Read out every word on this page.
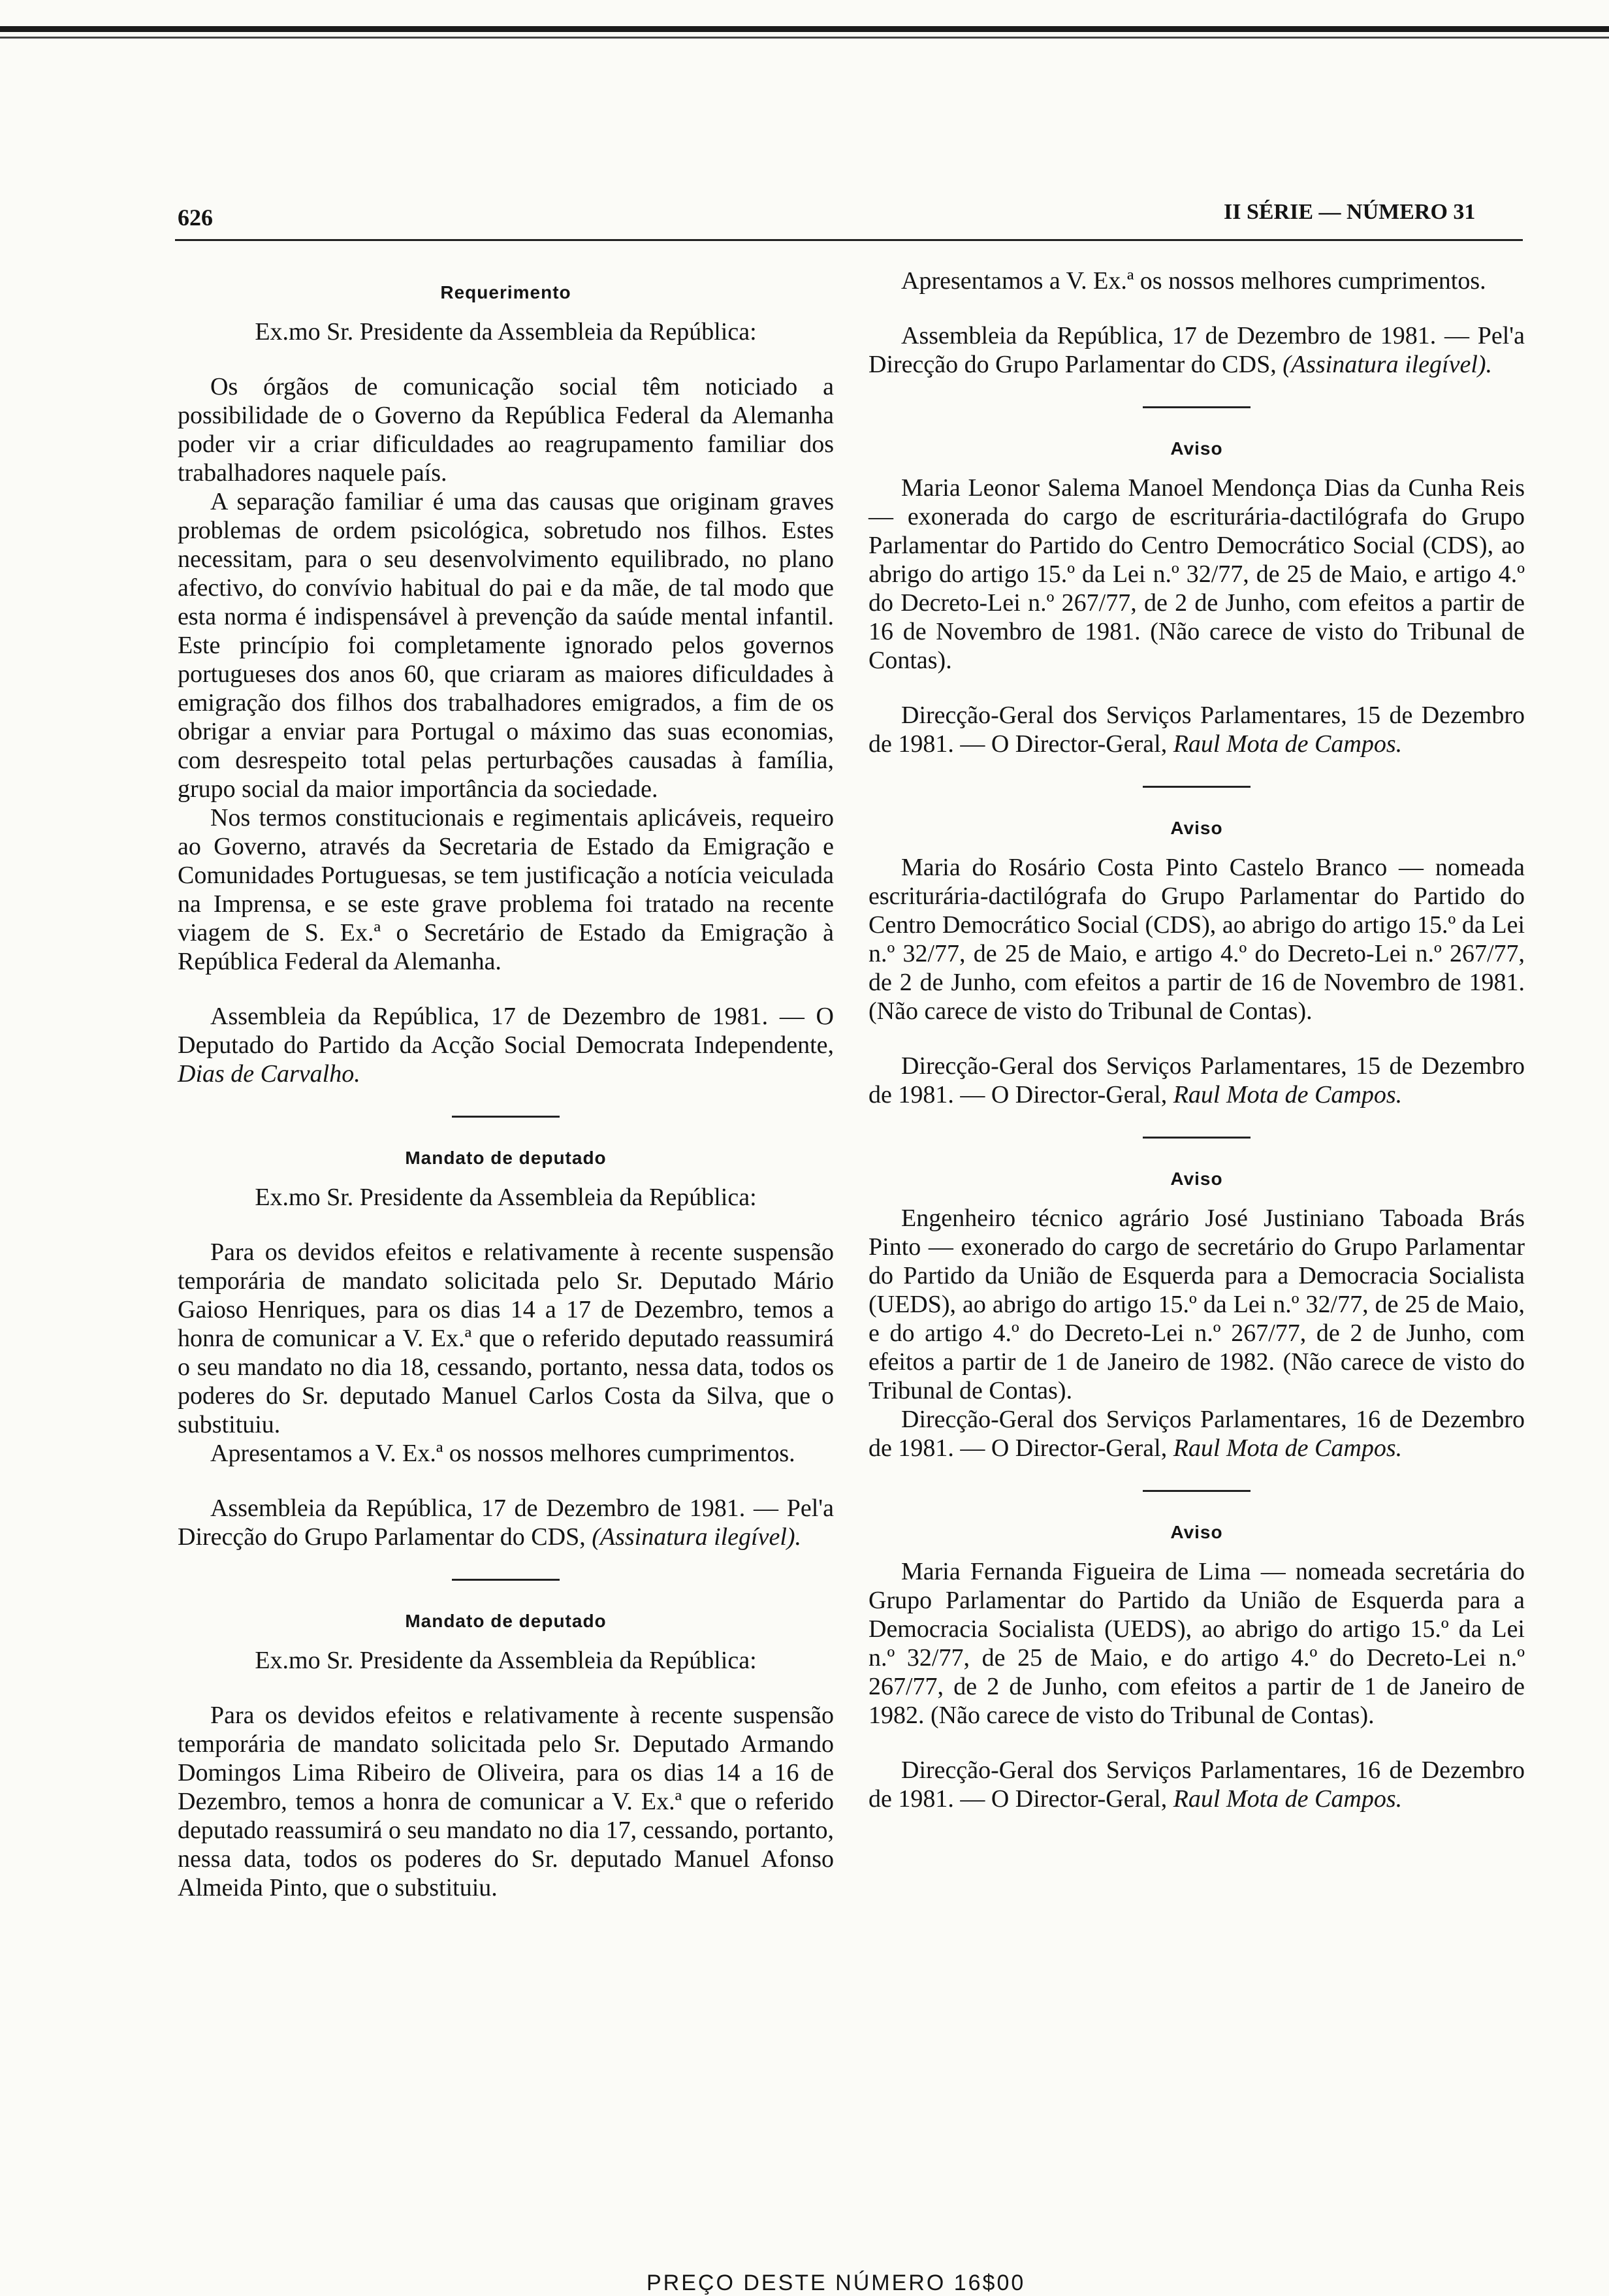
626	II SÉRIE — NÚMERO 31
Requerimento
Ex.mo Sr. Presidente da Assembleia da República:

Os órgãos de comunicação social têm noticiado a possibilidade de o Governo da República Federal da Alemanha poder vir a criar dificuldades ao reagrupamento familiar dos trabalhadores naquele país.

A separação familiar é uma das causas que originam graves problemas de ordem psicológica, sobretudo nos filhos. Estes necessitam, para o seu desenvolvimento equilibrado, no plano afectivo, do convívio habitual do pai e da mãe, de tal modo que esta norma é indispensável à prevenção da saúde mental infantil. Este princípio foi completamente ignorado pelos governos portugueses dos anos 60, que criaram as maiores dificuldades à emigração dos filhos dos trabalhadores emigrados, a fim de os obrigar a enviar para Portugal o máximo das suas economias, com desrespeito total pelas perturbações causadas à família, grupo social da maior importância da sociedade.

Nos termos constitucionais e regimentais aplicáveis, requeiro ao Governo, através da Secretaria de Estado da Emigração e Comunidades Portuguesas, se tem justificação a notícia veiculada na Imprensa, e se este grave problema foi tratado na recente viagem de S. Ex.ª o Secretário de Estado da Emigração à República Federal da Alemanha.

Assembleia da República, 17 de Dezembro de 1981. — O Deputado do Partido da Acção Social Democrata Independente, Dias de Carvalho.

Mandato de deputado
Ex.mo Sr. Presidente da Assembleia da República:

Para os devidos efeitos e relativamente à recente suspensão temporária de mandato solicitada pelo Sr. Deputado Mário Gaioso Henriques, para os dias 14 a 17 de Dezembro, temos a honra de comunicar a V. Ex.ª que o referido deputado reassumirá o seu mandato no dia 18, cessando, portanto, nessa data, todos os poderes do Sr. deputado Manuel Carlos Costa da Silva, que o substituiu.

Apresentamos a V. Ex.ª os nossos melhores cumprimentos.

Assembleia da República, 17 de Dezembro de 1981. — Pel'a Direcção do Grupo Parlamentar do CDS, (Assinatura ilegível).

Mandato de deputado
Ex.mo Sr. Presidente da Assembleia da República:

Para os devidos efeitos e relativamente à recente suspensão temporária de mandato solicitada pelo Sr. Deputado Armando Domingos Lima Ribeiro de Oliveira, para os dias 14 a 16 de Dezembro, temos a honra de comunicar a V. Ex.ª que o referido deputado reassumirá o seu mandato no dia 17, cessando, portanto, nessa data, todos os poderes do Sr. deputado Manuel Afonso Almeida Pinto, que o substituiu.

Apresentamos a V. Ex.ª os nossos melhores cumprimentos.

Assembleia da República, 17 de Dezembro de 1981. — Pel'a Direcção do Grupo Parlamentar do CDS, (Assinatura ilegível).

Aviso

Maria Leonor Salema Manoel Mendonça Dias da Cunha Reis — exonerada do cargo de escriturária-dactilógrafa do Grupo Parlamentar do Partido do Centro Democrático Social (CDS), ao abrigo do artigo 15.º da Lei n.º 32/77, de 25 de Maio, e artigo 4.º do Decreto-Lei n.º 267/77, de 2 de Junho, com efeitos a partir de 16 de Novembro de 1981. (Não carece de visto do Tribunal de Contas).

Direcção-Geral dos Serviços Parlamentares, 15 de Dezembro de 1981. — O Director-Geral, Raul Mota de Campos.

Aviso

Maria do Rosário Costa Pinto Castelo Branco — nomeada escriturária-dactilógrafa do Grupo Parlamentar do Partido do Centro Democrático Social (CDS), ao abrigo do artigo 15.º da Lei n.º 32/77, de 25 de Maio, e artigo 4.º do Decreto-Lei n.º 267/77, de 2 de Junho, com efeitos a partir de 16 de Novembro de 1981. (Não carece de visto do Tribunal de Contas).

Direcção-Geral dos Serviços Parlamentares, 15 de Dezembro de 1981. — O Director-Geral, Raul Mota de Campos.

Aviso

Engenheiro técnico agrário José Justiniano Taboada Brás Pinto — exonerado do cargo de secretário do Grupo Parlamentar do Partido da União de Esquerda para a Democracia Socialista (UEDS), ao abrigo do artigo 15.º da Lei n.º 32/77, de 25 de Maio, e do artigo 4.º do Decreto-Lei n.º 267/77, de 2 de Junho, com efeitos a partir de 1 de Janeiro de 1982. (Não carece de visto do Tribunal de Contas).

Direcção-Geral dos Serviços Parlamentares, 16 de Dezembro de 1981. — O Director-Geral, Raul Mota de Campos.

Aviso

Maria Fernanda Figueira de Lima — nomeada secretária do Grupo Parlamentar do Partido da União de Esquerda para a Democracia Socialista (UEDS), ao abrigo do artigo 15.º da Lei n.º 32/77, de 25 de Maio, e do artigo 4.º do Decreto-Lei n.º 267/77, de 2 de Junho, com efeitos a partir de 1 de Janeiro de 1982. (Não carece de visto do Tribunal de Contas).

Direcção-Geral dos Serviços Parlamentares, 16 de Dezembro de 1981. — O Director-Geral, Raul Mota de Campos.

PREÇO DESTE NÚMERO 16$00
